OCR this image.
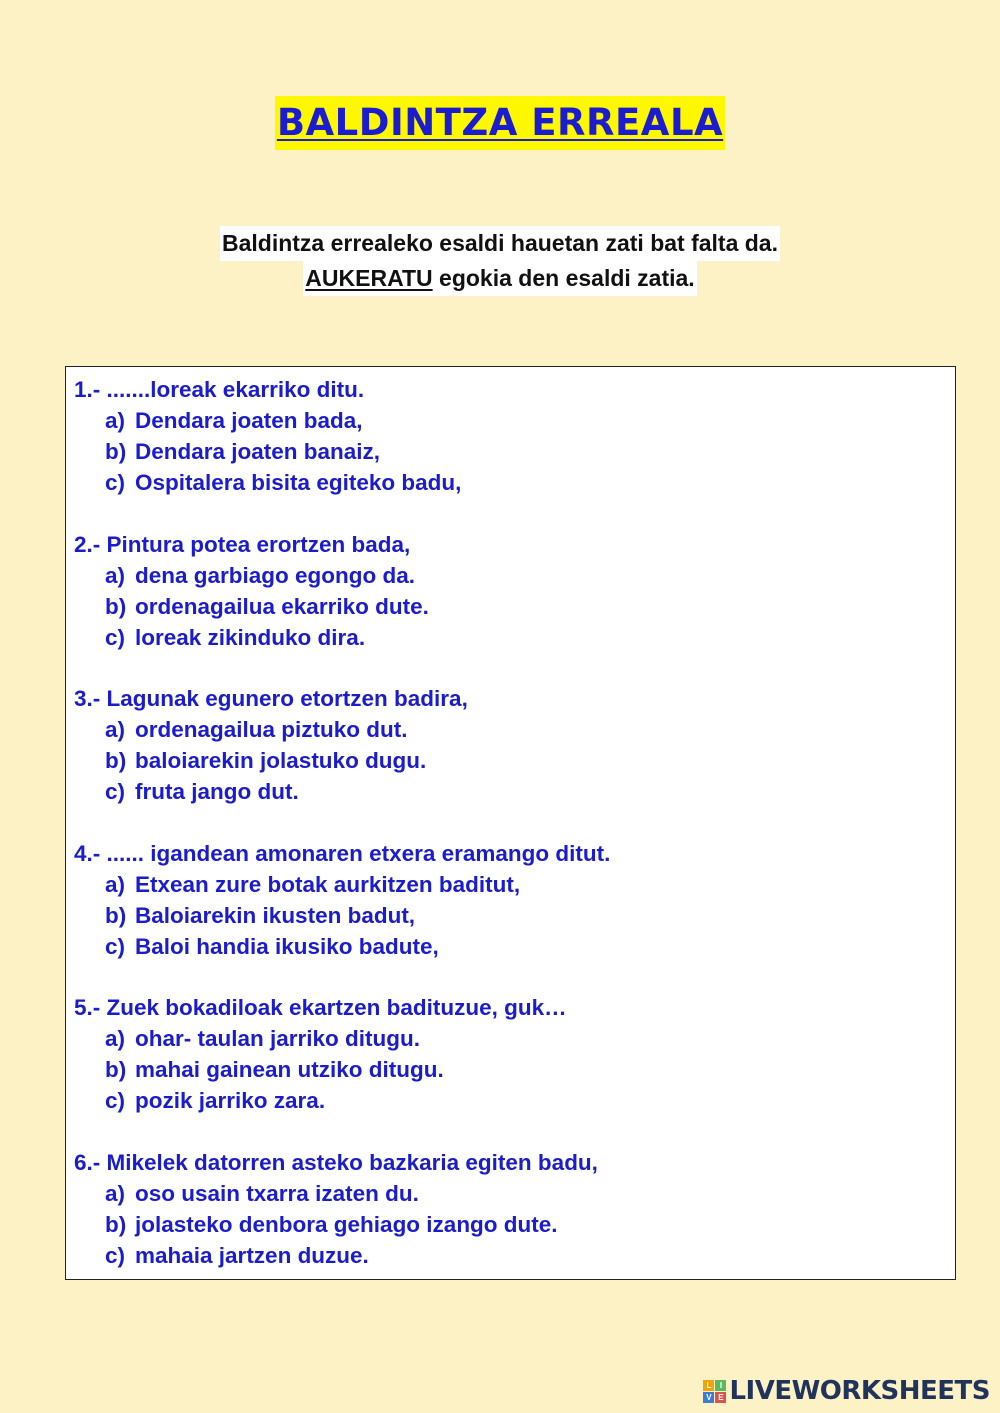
BALDINTZA ERREALA
Baldintza errealeko esaldi hauetan zati bat falta da.
AUKERATU egokia den esaldi zatia.
1.- .......loreak ekarriko ditu.
a) Dendara joaten bada,
b) Dendara joaten banaiz,
c) Ospitalera bisita egiteko badu,
2.- Pintura potea erortzen bada,
a) dena garbiago egongo da.
b) ordenagailua ekarriko dute.
c) loreak zikinduko dira.
3.- Lagunak egunero etortzen badira,
a) ordenagailua piztuko dut.
b) baloiarekin jolastuko dugu.
c) fruta jango dut.
4.- ...... igandean amonaren etxera eramango ditut.
a) Etxean zure botak aurkitzen baditut,
b) Baloiarekin ikusten badut,
c) Baloi handia ikusiko badute,
5.- Zuek bokadiloak ekartzen badituzue, guk…
a) ohar- taulan jarriko ditugu.
b) mahai gainean utziko ditugu.
c) pozik jarriko zara.
6.- Mikelek datorren asteko bazkaria egiten badu,
a) oso usain txarra izaten du.
b) jolasteko denbora gehiago izango dute.
c) mahaia jartzen duzue.
L	I
V E LIVEWORKSHEETS
